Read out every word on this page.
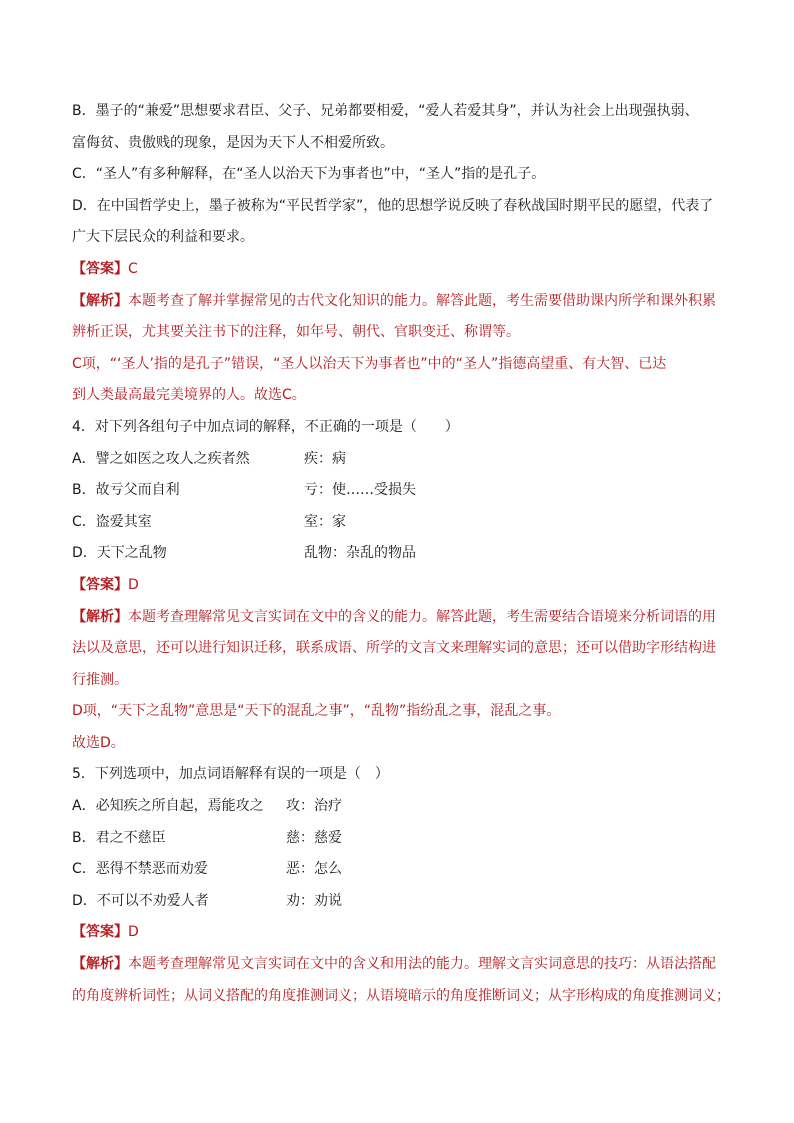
B．墨子的“兼爱”思想要求君臣、父子、兄弟都要相爱，“爱人若爱其身”，并认为社会上出现强执弱、
富侮贫、贵傲贱的现象，是因为天下人不相爱所致。
C．“圣人”有多种解释，在“圣人以治天下为事者也”中，“圣人”指的是孔子。
D．在中国哲学史上，墨子被称为“平民哲学家”，他的思想学说反映了春秋战国时期平民的愿望，代表了
广大下层民众的利益和要求。
【答案】C
【解析】本题考查了解并掌握常见的古代文化知识的能力。解答此题，考生需要借助课内所学和课外积累
辨析正误，尤其要关注书下的注释，如年号、朝代、官职变迁、称谓等。
C项，“‘圣人’指的是孔子”错误，“圣人以治天下为事者也”中的“圣人”指德高望重、有大智、已达
到人类最高最完美境界的人。故选C。
4．对下列各组句子中加点词的解释，不正确的一项是（　　）
A．譬之如医之攻人之疾者然	疾：病
B．故亏父而自利	亏：使……受损失
C．盗爱其室	室：家
D．天下之乱物	乱物：杂乱的物品
【答案】D
【解析】本题考查理解常见文言实词在文中的含义的能力。解答此题，考生需要结合语境来分析词语的用
法以及意思，还可以进行知识迁移，联系成语、所学的文言文来理解实词的意思；还可以借助字形结构进
行推测。
D项，“天下之乱物”意思是“天下的混乱之事”，“乱物”指纷乱之事，混乱之事。
故选D。
5．下列选项中，加点词语解释有误的一项是（　）
A．必知疾之所自起，焉能攻之 攻：治疗
B．君之不慈臣	慈：慈爱
C．恶得不禁恶而劝爱	恶：怎么
D．不可以不劝爱人者	劝：劝说
【答案】D
【解析】本题考查理解常见文言实词在文中的含义和用法的能力。理解文言实词意思的技巧：从语法搭配
的角度辨析词性；从词义搭配的角度推测词义；从语境暗示的角度推断词义；从字形构成的角度推测词义；
